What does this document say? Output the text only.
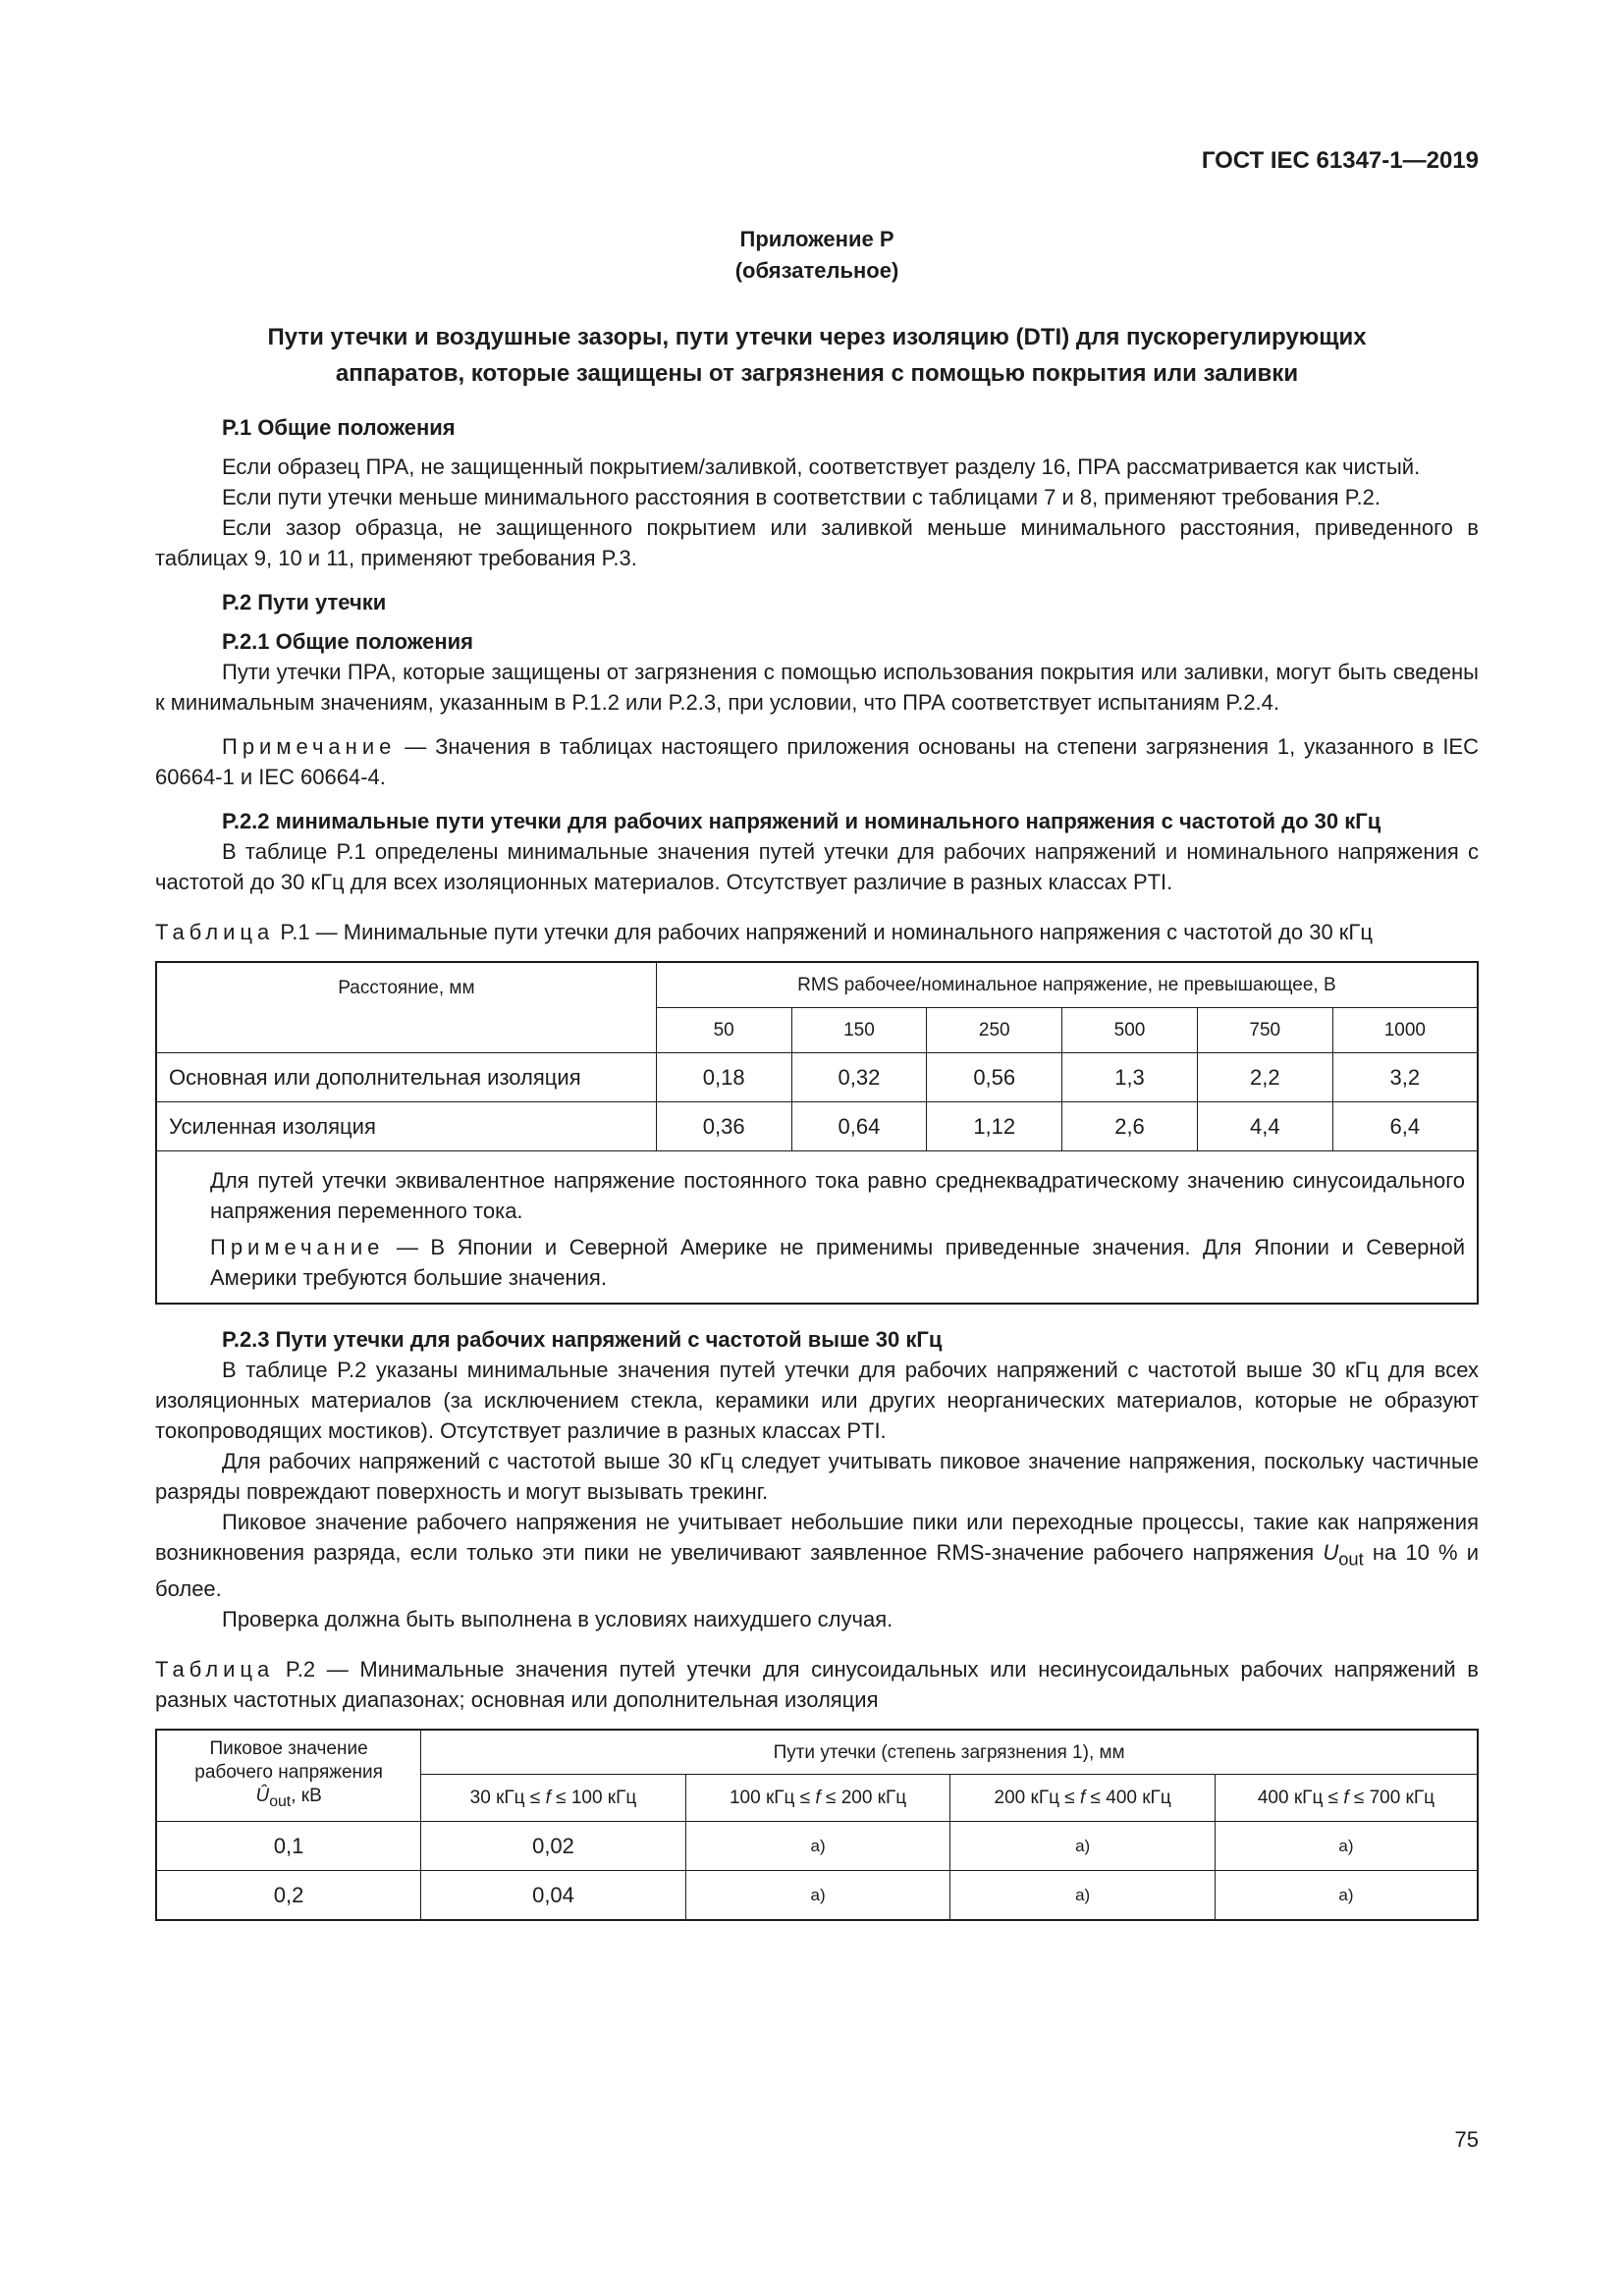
ГОСТ IEC 61347-1—2019
Приложение Р
(обязательное)
Пути утечки и воздушные зазоры, пути утечки через изоляцию (DTI) для пускорегулирующих
аппаратов, которые защищены от загрязнения с помощью покрытия или заливки

P.1 Общие положения

Если образец ПРА, не защищенный покрытием/заливкой, соответствует разделу 16, ПРА рассматривается как чистый.

Если пути утечки меньше минимального расстояния в соответствии с таблицами 7 и 8, применяют требования P.2.

Если зазор образца, не защищенного покрытием или заливкой меньше минимального расстояния, приведенного в таблицах 9, 10 и 11, применяют требования P.3.

P.2 Пути утечки

P.2.1 Общие положения

Пути утечки ПРА, которые защищены от загрязнения с помощью использования покрытия или заливки, могут быть сведены к минимальным значениям, указанным в P.1.2 или P.2.3, при условии, что ПРА соответствует испытаниям P.2.4.

Примечание — Значения в таблицах настоящего приложения основаны на степени загрязнения 1, указанного в IEC 60664-1 и IEC 60664-4.

P.2.2 минимальные пути утечки для рабочих напряжений и номинального напряжения с частотой до 30 кГц

В таблице P.1 определены минимальные значения путей утечки для рабочих напряжений и номинального напряжения с частотой до 30 кГц для всех изоляционных материалов. Отсутствует различие в разных классах PTI.

Таблица P.1 — Минимальные пути утечки для рабочих напряжений и номинального напряжения с частотой до 30 кГц

Расстояние, мм	RMS рабочее/номинальное напряжение, не превышающее, В					
	50	150	250	500	750	1000
Основная или дополнительная изоляция	0,18	0,32	0,56	1,3	2,2	3,2
Усиленная изоляция	0,36	0,64	1,12	2,6	4,4	6,4

Для путей утечки эквивалентное напряжение постоянного тока равно среднеквадратическому значению синусоидального напряжения переменного тока.

Примечание — В Японии и Северной Америке не применимы приведенные значения. Для Японии и Северной Америки требуются большие значения.						

P.2.3 Пути утечки для рабочих напряжений с частотой выше 30 кГц

В таблице P.2 указаны минимальные значения путей утечки для рабочих напряжений с частотой выше 30 кГц для всех изоляционных материалов (за исключением стекла, керамики или других неорганических материалов, которые не образуют токопроводящих мостиков). Отсутствует различие в разных классах PTI.

Для рабочих напряжений с частотой выше 30 кГц следует учитывать пиковое значение напряжения, поскольку частичные разряды повреждают поверхность и могут вызывать трекинг.

Пиковое значение рабочего напряжения не учитывает небольшие пики или переходные процессы, такие как напряжения возникновения разряда, если только эти пики не увеличивают заявленное RMS-значение рабочего напряжения $U_{out}$ на 10 % и более.

Проверка должна быть выполнена в условиях наихудшего случая.

Таблица P.2 — Минимальные значения путей утечки для синусоидальных или несинусоидальных рабочих напряжений в разных частотных диапазонах; основная или дополнительная изоляция

Пиковое значение
рабочего напряжения
$Û_{out}$, кВ	Пути утечки (степень загрязнения 1), мм			
	30 кГц ≤ f ≤ 100 кГц	100 кГц ≤ f ≤ 200 кГц	200 кГц ≤ f ≤ 400 кГц	400 кГц ≤ f ≤ 700 кГц
0,1	0,02	$^{a)}$	$^{a)}$	$^{a)}$
0,2	0,04	$^{a)}$	$^{a)}$	$^{a)}$
75
